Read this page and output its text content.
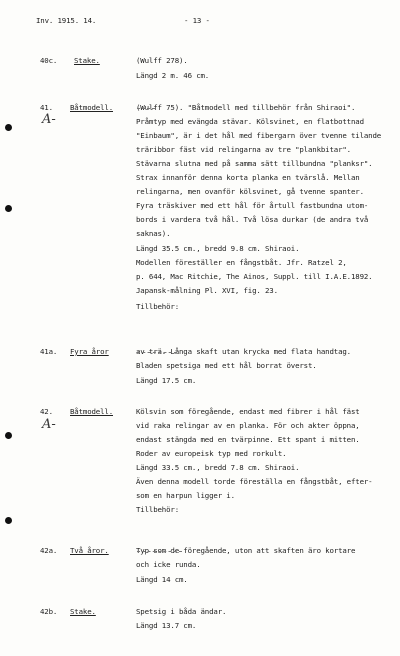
Inv. 1915. 14.	- 13 -
40c. Stake.	(Wulff 278).
Längd 2 m. 46 cm.
41. Båtmodell.
A-
(Wulff 75). "Båtmodell med tillbehör från Shiraoi".
Pråmtyp med evängda stävar. Kölsvinet, en flatbottnad
"Einbaum", är i det hål med fibergarn över tvenne tilande
träribbor fäst vid relingarna av tre "plankbitar".
Stävarna slutna med på samma sätt tillbundna "planksr".
Strax innanför denna korta planka en tvärslå. Mellan
relingarna, men ovanför kölsvinet, gå tvenne spanter.
Fyra träskiver med ett hål för årtull fastbundna utom-
bords i vardera två hål. Två lösa durkar (de andra två
saknas).
Längd 35.5 cm., bredd 9.8 cm. Shiraoi.
Modellen föreställer en fångstbåt. Jfr. Ratzel 2,
p. 644, Mac Ritchie, The Ainos, Suppl. till I.A.E.1892.
Japansk-målning Pl. XVI, fig. 23.
Tillbehör:
41a. Fyra åror	av trä. Långa skaft utan krycka med flata handtag.
Bladen spetsiga med ett hål borrat överst.
Längd 17.5 cm.
42. Båtmodell.
A-
Kölsvin som föregående, endast med fibrer i hål fäst
vid raka relingar av en planka. För och akter öppna,
endast stängda med en tvärpinne. Ett spant i mitten.
Roder av europeisk typ med rorkult.
Längd 33.5 cm., bredd 7.8 cm. Shiraoi.
Även denna modell torde föreställa en fångstbåt, efter-
som en harpun ligger i.
Tillbehör:
42a. Två åror.	Typ som de föregående, uton att skaften äro kortare
och icke runda.
Längd 14 cm.
42b. Stake.	Spetsig i båda ändar.
Längd 13.7 cm.
